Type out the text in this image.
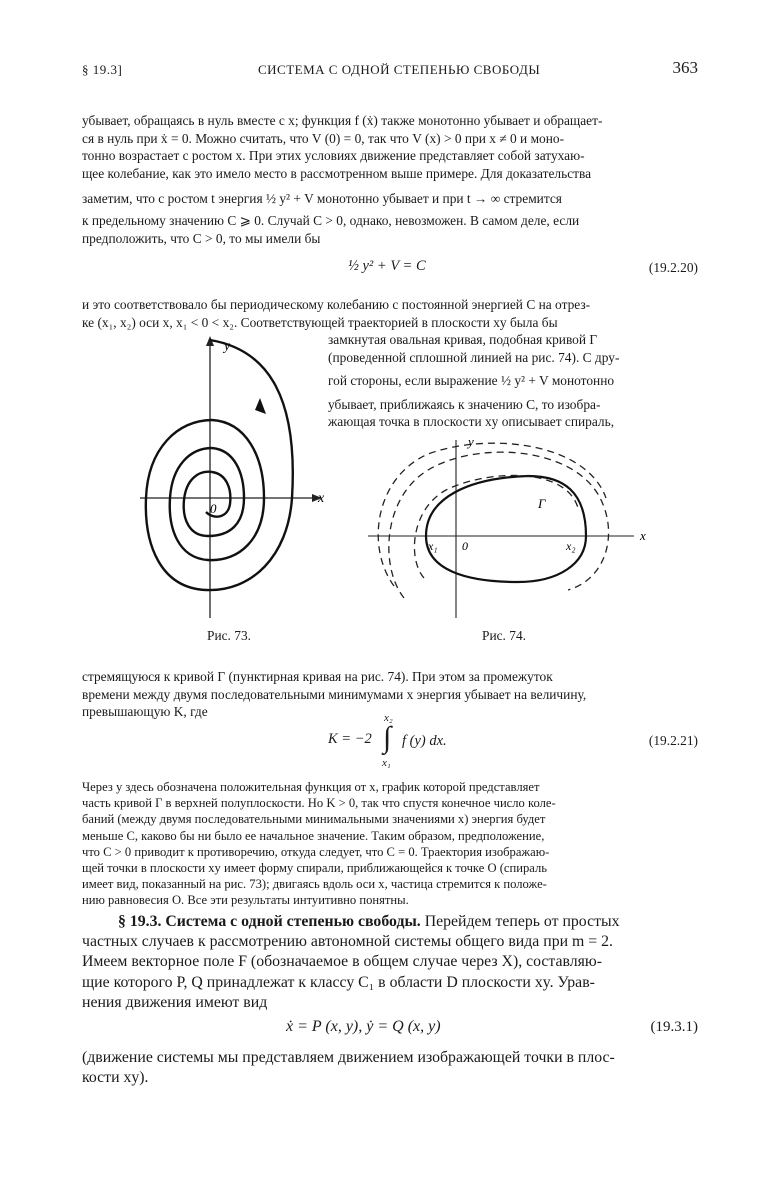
§ 19.3]	СИСТЕМА С ОДНОЙ СТЕПЕНЬЮ СВОБОДЫ	363

убывает, обращаясь в нуль вместе с x; функция f (ẋ) также монотонно убывает и обращает-

ся в нуль при ẋ = 0. Можно считать, что V (0) = 0, так что V (x) > 0 при x ≠ 0 и моно-

тонно возрастает с ростом x. При этих условиях движение представляет собой затухаю-

щее колебание, как это имело место в рассмотренном выше примере. Для доказательства

заметим, что с ростом t энергия ½ y² + V монотонно убывает и при t → ∞ стремится

к предельному значению C ⩾ 0. Случай C > 0, однако, невозможен. В самом деле, если

предположить, что C > 0, то мы имели бы

½ y² + V = C	(19.2.20)

и это соответствовало бы периодическому колебанию с постоянной энергией C на отрез-

ке (x₁, x₂) оси x, x₁ < 0 < x₂. Соответствующей траекторией в плоскости xy была бы

замкнутая овальная кривая, подобная кривой Γ

(проведенной сплошной линией на рис. 74). С дру-

гой стороны, если выражение ½ y² + V монотонно

убывает, приближаясь к значению C, то изобра-

жающая точка в плоскости xy описывает спираль,

y
x
0
Рис. 73.
y
x
0
x₁	x₂
Γ
Рис. 74.

стремящуюся к кривой Γ (пунктирная кривая на рис. 74). При этом за промежуток

времени между двумя последовательными минимумами x энергия убывает на величину,

превышающую K, где

K = −2
x₂
∫
x₁
f (y) dx.	(19.2.21)

Через y здесь обозначена положительная функция от x, график которой представляет

часть кривой Γ в верхней полуплоскости. Но K > 0, так что спустя конечное число коле-

баний (между двумя последовательными минимальными значениями x) энергия будет

меньше C, каково бы ни было ее начальное значение. Таким образом, предположение,

что C > 0 приводит к противоречию, откуда следует, что C = 0. Траектория изображаю-

щей точки в плоскости xy имеет форму спирали, приближающейся к точке O (спираль

имеет вид, показанный на рис. 73); двигаясь вдоль оси x, частица стремится к положе-

нию равновесия O. Все эти результаты интуитивно понятны.

§ 19.3. Система с одной степенью свободы. Перейдем теперь от простых

частных случаев к рассмотрению автономной системы общего вида при m = 2.

Имеем векторное поле F (обозначаемое в общем случае через X), составляю-

щие которого P, Q принадлежат к классу C₁ в области D плоскости xy. Урав-

нения движения имеют вид

ẋ = P (x, y), ẏ = Q (x, y)	(19.3.1)

(движение системы мы представляем движением изображающей точки в плос-

кости xy).
